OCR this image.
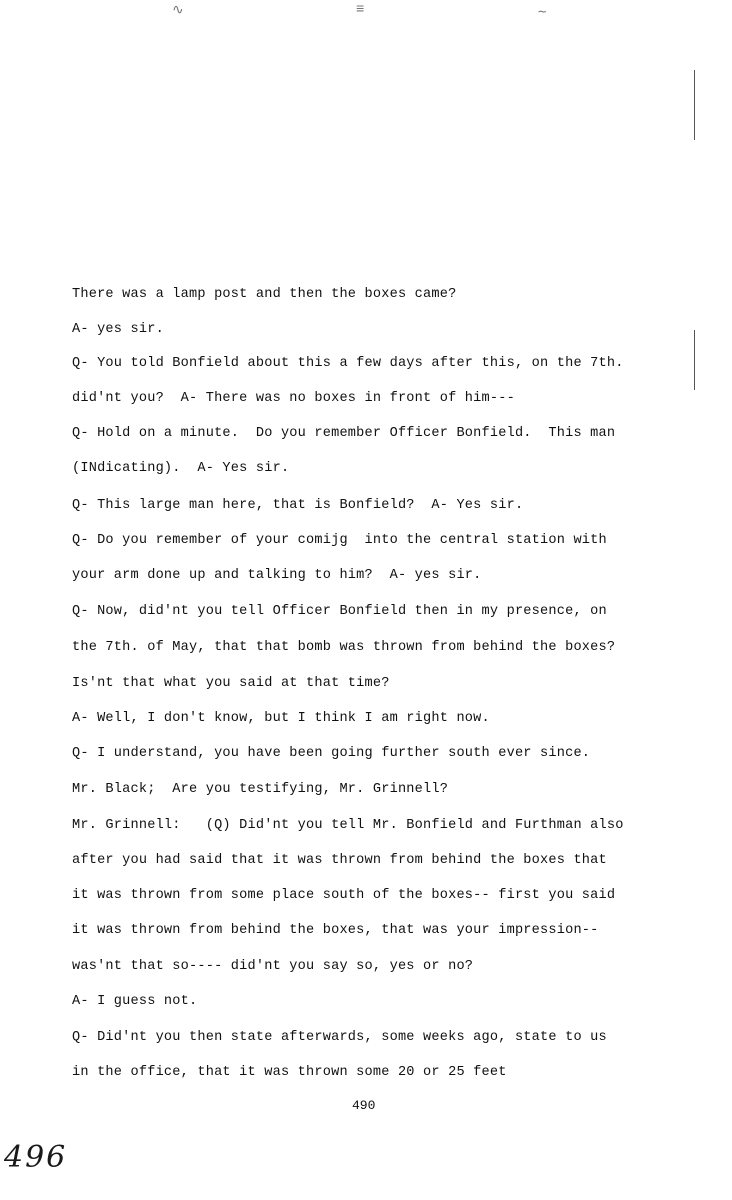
∿	≡	∼
There was a lamp post and then the boxes came?
A- yes sir.
Q- You told Bonfield about this a few days after this, on the 7th.
did'nt you?  A- There was no boxes in front of him---
Q- Hold on a minute.  Do you remember Officer Bonfield.  This man
(INdicating).  A- Yes sir.
Q- This large man here, that is Bonfield?  A- Yes sir.
Q- Do you remember of your comijg  into the central station with
your arm done up and talking to him?  A- yes sir.
Q- Now, did'nt you tell Officer Bonfield then in my presence, on
the 7th. of May, that that bomb was thrown from behind the boxes?
Is'nt that what you said at that time?
A- Well, I don't know, but I think I am right now.
Q- I understand, you have been going further south ever since.
Mr. Black;  Are you testifying, Mr. Grinnell?
Mr. Grinnell:   (Q) Did'nt you tell Mr. Bonfield and Furthman also
after you had said that it was thrown from behind the boxes that
it was thrown from some place south of the boxes-- first you said
it was thrown from behind the boxes, that was your impression--
was'nt that so---- did'nt you say so, yes or no?
A- I guess not.
Q- Did'nt you then state afterwards, some weeks ago, state to us
in the office, that it was thrown some 20 or 25 feet
490
496
